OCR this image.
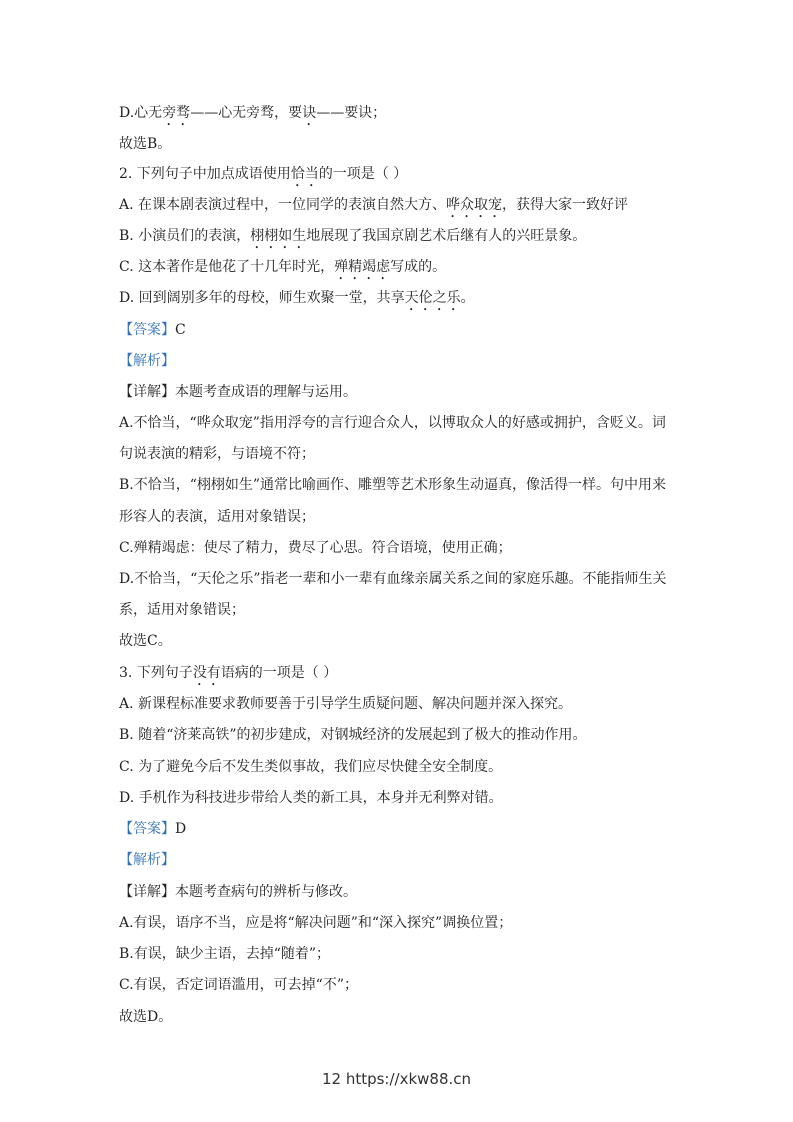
D.心无旁骛——心无旁骛，要诀——要诀；
故选B。
2. 下列句子中加点成语使用恰当的一项是（ ）
A. 在课本剧表演过程中，一位同学的表演自然大方、哗众取宠，获得大家一致好评
B. 小演员们的表演，栩栩如生地展现了我国京剧艺术后继有人的兴旺景象。
C. 这本著作是他花了十几年时光，殚精竭虑写成的。
D. 回到阔别多年的母校，师生欢聚一堂，共享天伦之乐。
【答案】C
【解析】
【详解】本题考查成语的理解与运用。
A.不恰当，“哗众取宠”指用浮夸的言行迎合众人，以博取众人的好感或拥护，含贬义。词
句说表演的精彩，与语境不符；
B.不恰当，“栩栩如生”通常比喻画作、雕塑等艺术形象生动逼真，像活得一样。句中用来
形容人的表演，适用对象错误；
C.殚精竭虑：使尽了精力，费尽了心思。符合语境，使用正确；
D.不恰当，“天伦之乐”指老一辈和小一辈有血缘亲属关系之间的家庭乐趣。不能指师生关
系，适用对象错误；
故选C。
3. 下列句子没有语病的一项是（ ）
A. 新课程标准要求教师要善于引导学生质疑问题、解决问题并深入探究。
B. 随着“济莱高铁”的初步建成，对钢城经济的发展起到了极大的推动作用。
C. 为了避免今后不发生类似事故，我们应尽快健全安全制度。
D. 手机作为科技进步带给人类的新工具，本身并无利弊对错。
【答案】D
【解析】
【详解】本题考查病句的辨析与修改。
A.有误，语序不当，应是将“解决问题”和“深入探究”调换位置；
B.有误，缺少主语，去掉“随着”；
C.有误，否定词语滥用，可去掉“不”；
故选D。
12 https://xkw88.cn
